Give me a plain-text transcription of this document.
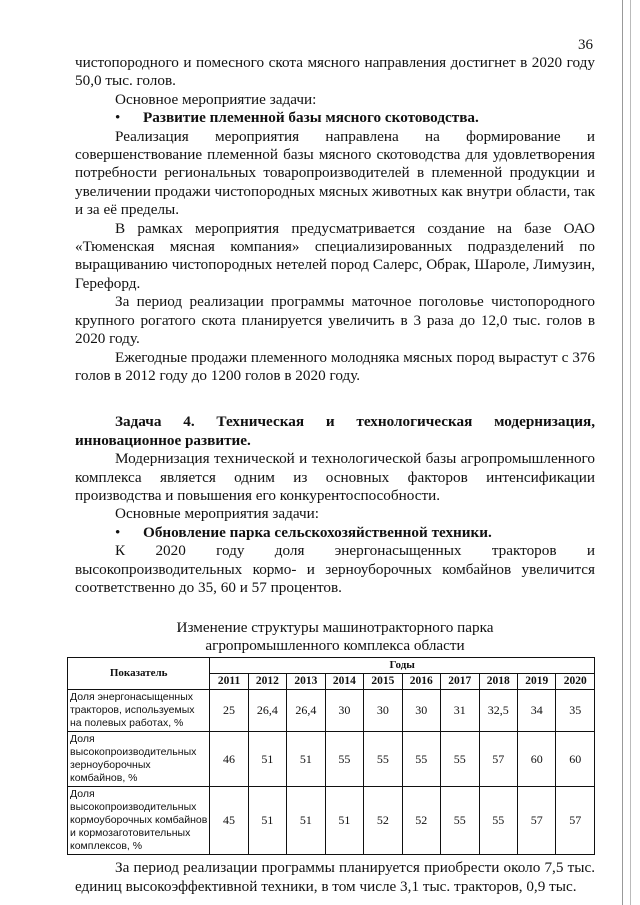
36

чистопородного и помесного скота мясного направления достигнет в 2020 году 50,0 тыс. голов.

Основное мероприятие задачи:

•	Развитие племенной базы мясного скотоводства.

Реализация мероприятия направлена на формирование и совершенствование племенной базы мясного скотоводства для удовлетворения потребности региональных товаропроизводителей в племенной продукции и увеличении продажи чистопородных мясных животных как внутри области, так и за её пределы.

В рамках мероприятия предусматривается создание на базе ОАО «Тюменская мясная компания» специализированных подразделений по выращиванию чистопородных нетелей пород Салерс, Обрак, Шароле, Лимузин, Герефорд.

За период реализации программы маточное поголовье чистопородного крупного рогатого скота планируется увеличить в 3 раза до 12,0 тыс. голов в 2020 году.

Ежегодные продажи племенного молодняка мясных пород вырастут с 376 голов в 2012 году до 1200 голов в 2020 году.

Задача 4. Техническая и технологическая модернизация, инновационное развитие.

Модернизация технической и технологической базы агропромышленного комплекса является одним из основных факторов интенсификации производства и повышения его конкурентоспособности.

Основные мероприятия задачи:

•	Обновление парка сельскохозяйственной техники.

К 2020 году доля энергонасыщенных тракторов и высокопроизводительных кормо- и зерноуборочных комбайнов увеличится соответственно до 35, 60 и 57 процентов.

Изменение структуры машинотракторного парка
агропромышленного комплекса области
Показатель	Годы									
	2011	2012	2013	2014	2015	2016	2017	2018	2019	2020
Доля энергонасыщенных тракторов, используемых на полевых работах, %	25	26,4	26,4	30	30	30	31	32,5	34	35
Доля высокопроизводительных зерноуборочных комбайнов, %	46	51	51	55	55	55	55	57	60	60
Доля высокопроизводительных кормоуборочных комбайнов и кормозаготовительных комплексов, %	45	51	51	51	52	52	55	55	57	57

За период реализации программы планируется приобрести около 7,5 тыс. единиц высокоэффективной техники, в том числе 3,1 тыс. тракторов, 0,9 тыс.
